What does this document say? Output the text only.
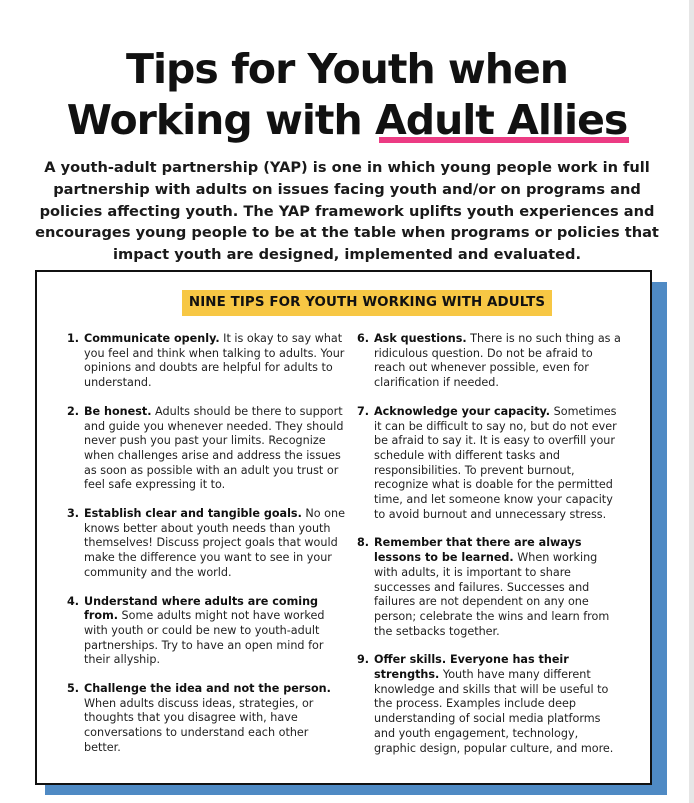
Tips for Youth when
Working with Adult Allies

A youth-adult partnership (YAP) is one in which young people work in full partnership with adults on issues facing youth and/or on programs and policies affecting youth. The YAP framework uplifts youth experiences and encourages young people to be at the table when programs or policies that impact youth are designed, implemented and evaluated.

NINE TIPS FOR YOUTH WORKING WITH ADULTS
1. Communicate openly. It is okay to say what you feel and think when talking to adults. Your opinions and doubts are helpful for adults to understand.
2. Be honest. Adults should be there to support and guide you whenever needed. They should never push you past your limits. Recognize when challenges arise and address the issues as soon as possible with an adult you trust or feel safe expressing it to.
3. Establish clear and tangible goals. No one knows better about youth needs than youth themselves! Discuss project goals that would make the difference you want to see in your community and the world.
4. Understand where adults are coming from. Some adults might not have worked with youth or could be new to youth-adult partnerships. Try to have an open mind for their allyship.
5. Challenge the idea and not the person. When adults discuss ideas, strategies, or thoughts that you disagree with, have conversations to understand each other better.
6. Ask questions. There is no such thing as a ridiculous question. Do not be afraid to reach out whenever possible, even for clarification if needed.
7. Acknowledge your capacity. Sometimes it can be difficult to say no, but do not ever be afraid to say it. It is easy to overfill your schedule with different tasks and responsibilities. To prevent burnout, recognize what is doable for the permitted time, and let someone know your capacity to avoid burnout and unnecessary stress.
8. Remember that there are always lessons to be learned. When working with adults, it is important to share successes and failures. Successes and failures are not dependent on any one person; celebrate the wins and learn from the setbacks together.
9. Offer skills. Everyone has their strengths. Youth have many different knowledge and skills that will be useful to the process. Examples include deep understanding of social media platforms and youth engagement, technology, graphic design, popular culture, and more.
